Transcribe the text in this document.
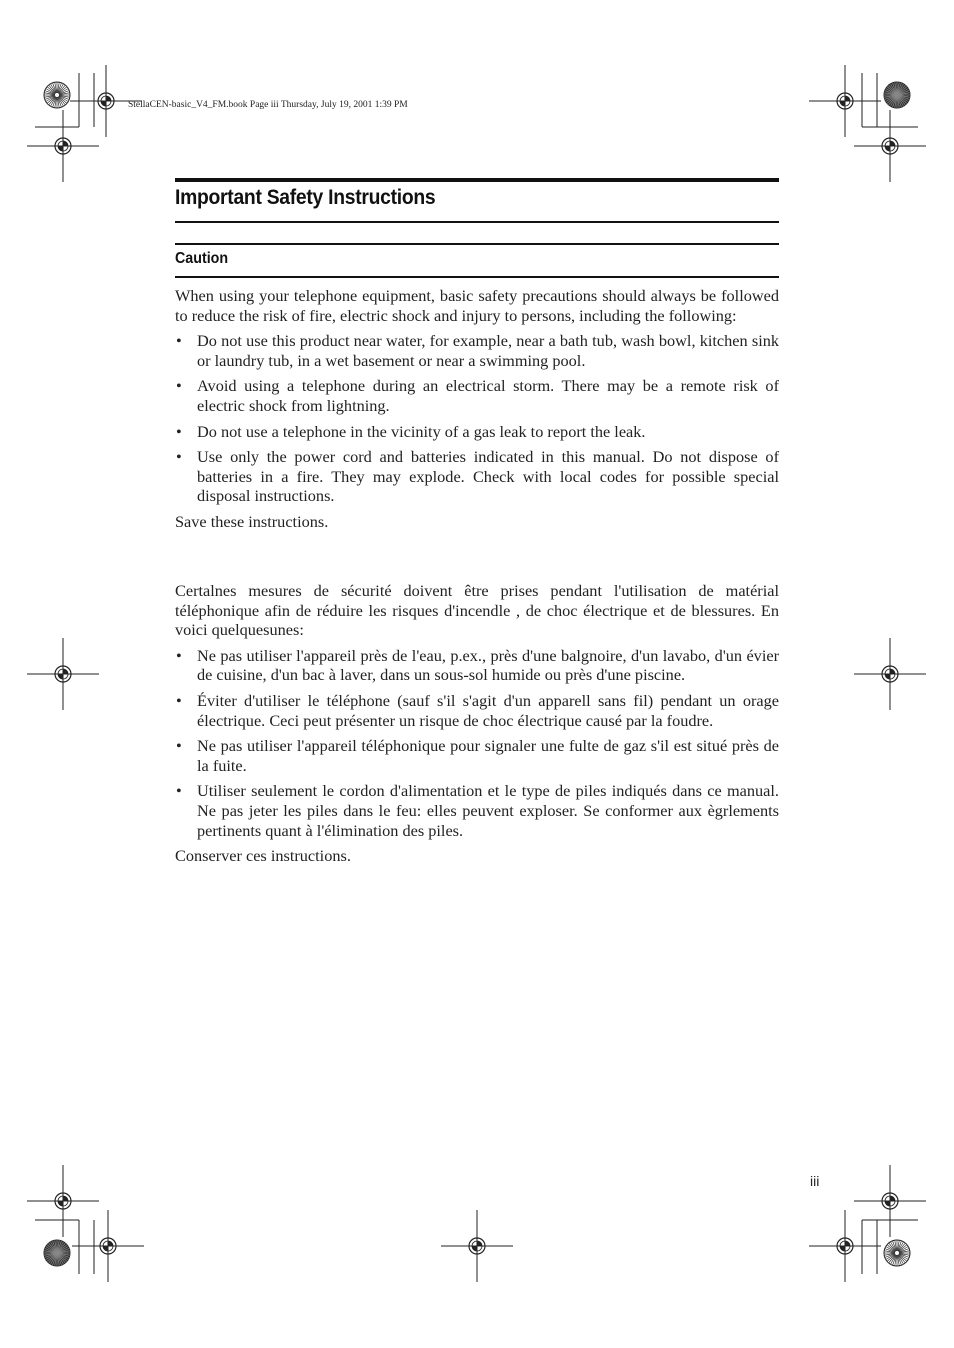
StellaCEN-basic_V4_FM.book Page iii Thursday, July 19, 2001 1:39 PM
Important Safety Instructions
Caution

When using your telephone equipment, basic safety precautions should always be followed to reduce the risk of fire, electric shock and injury to persons, including the following:

• Do not use this product near water, for example, near a bath tub, wash bowl, kitchen sink or laundry tub, in a wet basement or near a swimming pool.
• Avoid using a telephone during an electrical storm. There may be a remote risk of electric shock from lightning.
• Do not use a telephone in the vicinity of a gas leak to report the leak.
• Use only the power cord and batteries indicated in this manual. Do not dispose of batteries in a fire. They may explode. Check with local codes for possible special disposal instructions.

Save these instructions.

Certalnes mesures de sécurité doivent être prises pendant l'utilisation de matérial téléphonique afin de réduire les risques d'incendle , de choc électrique et de blessures. En voici quelquesunes:

• Ne pas utiliser l'appareil près de l'eau, p.ex., près d'une balgnoire, d'un lavabo, d'un évier de cuisine, d'un bac à laver, dans un sous-sol humide ou près d'une piscine.
• Éviter d'utiliser le téléphone (sauf s'il s'agit d'un apparell sans fil) pendant un orage électrique. Ceci peut présenter un risque de choc électrique causé par la foudre.
• Ne pas utiliser l'appareil téléphonique pour signaler une fulte de gaz s'il est situé près de la fuite.
• Utiliser seulement le cordon d'alimentation et le type de piles indiqués dans ce manual. Ne pas jeter les piles dans le feu: elles peuvent exploser. Se conformer aux ègrlements pertinents quant à l'élimination des piles.

Conserver ces instructions.

iii
